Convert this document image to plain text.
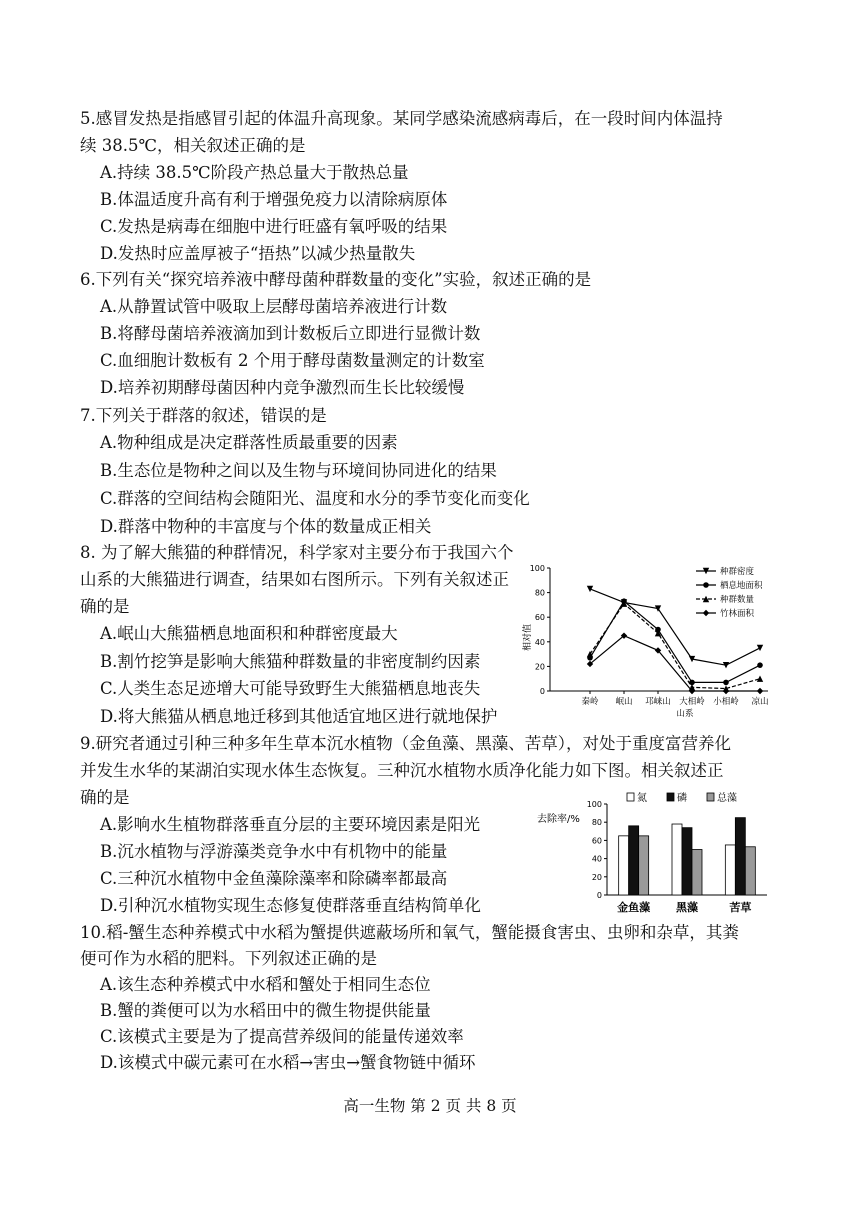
5.感冒发热是指感冒引起的体温升高现象。某同学感染流感病毒后，在一段时间内体温持
续 38.5℃，相关叙述正确的是
A.持续 38.5℃阶段产热总量大于散热总量
B.体温适度升高有利于增强免疫力以清除病原体
C.发热是病毒在细胞中进行旺盛有氧呼吸的结果
D.发热时应盖厚被子“捂热”以减少热量散失
6.下列有关“探究培养液中酵母菌种群数量的变化”实验，叙述正确的是
A.从静置试管中吸取上层酵母菌培养液进行计数
B.将酵母菌培养液滴加到计数板后立即进行显微计数
C.血细胞计数板有 2 个用于酵母菌数量测定的计数室
D.培养初期酵母菌因种内竞争激烈而生长比较缓慢
7.下列关于群落的叙述，错误的是
A.物种组成是决定群落性质最重要的因素
B.生态位是物种之间以及生物与环境间协同进化的结果
C.群落的空间结构会随阳光、温度和水分的季节变化而变化
D.群落中物种的丰富度与个体的数量成正相关
8. 为了解大熊猫的种群情况，科学家对主要分布于我国六个
山系的大熊猫进行调查，结果如右图所示。下列有关叙述正
确的是
A.岷山大熊猫栖息地面积和种群密度最大
B.割竹挖笋是影响大熊猫种群数量的非密度制约因素
C.人类生态足迹增大可能导致野生大熊猫栖息地丧失
D.将大熊猫从栖息地迁移到其他适宜地区进行就地保护
0
20
40
60
80
100
相对值
秦岭 岷山 邛崃山 大相岭 小相岭 凉山
山系
种群密度
栖息地面积
种群数量
竹林面积
9.研究者通过引种三种多年生草本沉水植物（金鱼藻、黑藻、苦草），对处于重度富营养化
并发生水华的某湖泊实现水体生态恢复。三种沉水植物水质净化能力如下图。相关叙述正
确的是
A.影响水生植物群落垂直分层的主要环境因素是阳光
B.沉水植物与浮游藻类竞争水中有机物中的能量
C.三种沉水植物中金鱼藻除藻率和除磷率都最高
D.引种沉水植物实现生态修复使群落垂直结构简单化
0
20
40
60
80
100
去除率/%
金鱼藻 黑藻	苦草
氮	磷	总藻
10.稻-蟹生态种养模式中水稻为蟹提供遮蔽场所和氧气，蟹能摄食害虫、虫卵和杂草，其粪
便可作为水稻的肥料。下列叙述正确的是
A.该生态种养模式中水稻和蟹处于相同生态位
B.蟹的粪便可以为水稻田中的微生物提供能量
C.该模式主要是为了提高营养级间的能量传递效率
D.该模式中碳元素可在水稻→害虫→蟹食物链中循环
高一生物 第 2 页 共 8 页
